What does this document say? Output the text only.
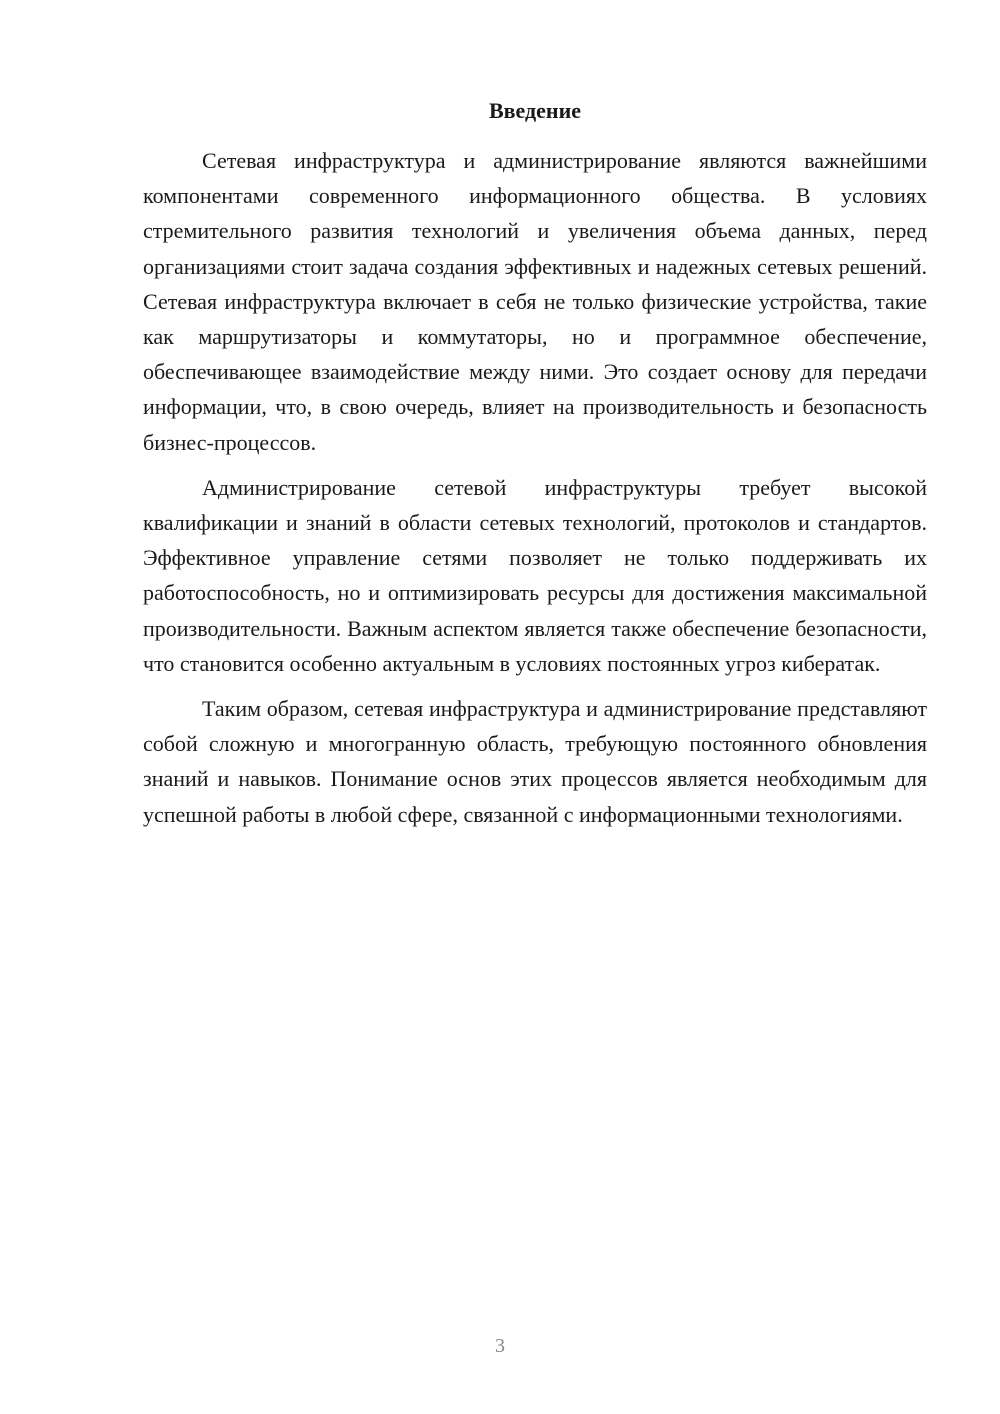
Введение

Сетевая инфраструктура и администрирование являются важнейшими компонентами современного информационного общества. В условиях стремительного развития технологий и увеличения объема данных, перед организациями стоит задача создания эффективных и надежных сетевых решений. Сетевая инфраструктура включает в себя не только физические устройства, такие как маршрутизаторы и коммутаторы, но и программное обеспечение, обеспечивающее взаимодействие между ними. Это создает основу для передачи информации, что, в свою очередь, влияет на производительность и безопасность бизнес-процессов.

Администрирование сетевой инфраструктуры требует высокой квалификации и знаний в области сетевых технологий, протоколов и стандартов. Эффективное управление сетями позволяет не только поддерживать их работоспособность, но и оптимизировать ресурсы для достижения максимальной производительности. Важным аспектом является также обеспечение безопасности, что становится особенно актуальным в условиях постоянных угроз кибератак.

Таким образом, сетевая инфраструктура и администрирование представляют собой сложную и многогранную область, требующую постоянного обновления знаний и навыков. Понимание основ этих процессов является необходимым для успешной работы в любой сфере, связанной с информационными технологиями.

3
